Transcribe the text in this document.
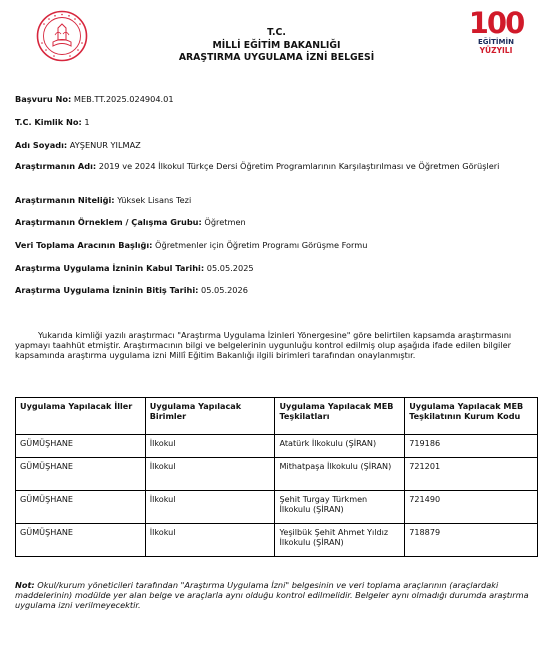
T.C.
MİLLİ EĞİTİM BAKANLIĞI
ARAŞTIRMA UYGULAMA İZNİ BELGESİ
100
EĞİTİMİN
YÜZYILI
Başvuru No: MEB.TT.2025.024904.01
T.C. Kimlik No: 1
Adı Soyadı: AYŞENUR YILMAZ
Araştırmanın Adı: 2019 ve 2024 İlkokul Türkçe Dersi Öğretim Programlarının Karşılaştırılması ve Öğretmen Görüşleri
Araştırmanın Niteliği: Yüksek Lisans Tezi
Araştırmanın Örneklem / Çalışma Grubu: Öğretmen
Veri Toplama Aracının Başlığı: Öğretmenler için Öğretim Programı Görüşme Formu
Araştırma Uygulama İzninin Kabul Tarihi: 05.05.2025
Araştırma Uygulama İzninin Bitiş Tarihi: 05.05.2026
Yukarıda kimliği yazılı araştırmacı "Araştırma Uygulama İzinleri Yönergesine" göre belirtilen kapsamda araştırmasını yapmayı taahhüt etmiştir. Araştırmacının bilgi ve belgelerinin uygunluğu kontrol edilmiş olup aşağıda ifade edilen bilgiler kapsamında araştırma uygulama izni Millî Eğitim Bakanlığı ilgili birimleri tarafından onaylanmıştır.
Uygulama Yapılacak İller	Uygulama Yapılacak Birimler	Uygulama Yapılacak MEB Teşkilatları	Uygulama Yapılacak MEB Teşkilatının Kurum Kodu
GÜMÜŞHANE	İlkokul	Atatürk İlkokulu (ŞİRAN)	719186
GÜMÜŞHANE	İlkokul	Mithatpaşa İlkokulu (ŞİRAN)	721201
GÜMÜŞHANE	İlkokul	Şehit Turgay Türkmen İlkokulu (ŞİRAN)	721490
GÜMÜŞHANE	İlkokul	Yeşilbük Şehit Ahmet Yıldız İlkokulu (ŞİRAN)	718879
Not: Okul/kurum yöneticileri tarafından "Araştırma Uygulama İzni" belgesinin ve veri toplama araçlarının (araçlardaki maddelerinin) modülde yer alan belge ve araçlarla aynı olduğu kontrol edilmelidir. Belgeler aynı olmadığı durumda araştırma uygulama izni verilmeyecektir.
